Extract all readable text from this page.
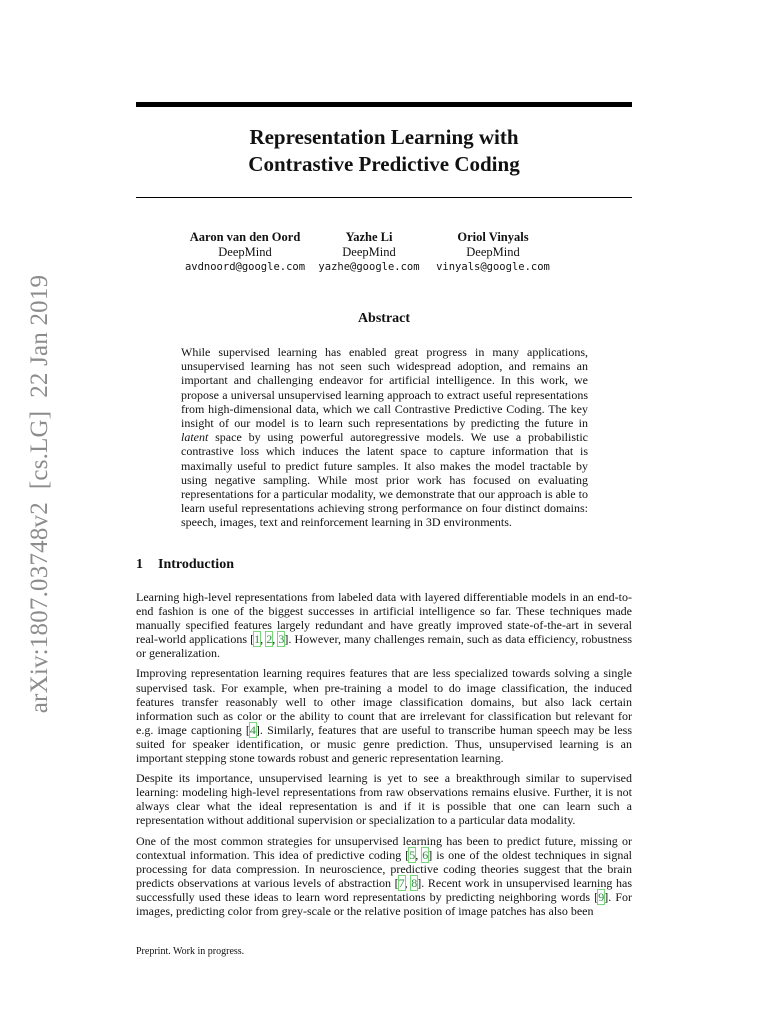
arXiv:1807.03748v2  [cs.LG]  22 Jan 2019
Representation Learning with
Contrastive Predictive Coding
Aaron van den Oord
DeepMind
avdnoord@google.com
Yazhe Li
DeepMind
yazhe@google.com
Oriol Vinyals
DeepMind
vinyals@google.com
Abstract
While supervised learning has enabled great progress in many applications, unsupervised learning has not seen such widespread adoption, and remains an important and challenging endeavor for artificial intelligence. In this work, we propose a universal unsupervised learning approach to extract useful representations from high-dimensional data, which we call Contrastive Predictive Coding. The key insight of our model is to learn such representations by predicting the future in latent space by using powerful autoregressive models. We use a probabilistic contrastive loss which induces the latent space to capture information that is maximally useful to predict future samples. It also makes the model tractable by using negative sampling. While most prior work has focused on evaluating representations for a particular modality, we demonstrate that our approach is able to learn useful representations achieving strong performance on four distinct domains: speech, images, text and reinforcement learning in 3D environments.
1 Introduction

Learning high-level representations from labeled data with layered differentiable models in an end-to-end fashion is one of the biggest successes in artificial intelligence so far. These techniques made manually specified features largely redundant and have greatly improved state-of-the-art in several real-world applications [1, 2, 3]. However, many challenges remain, such as data efficiency, robustness or generalization.

Improving representation learning requires features that are less specialized towards solving a single supervised task. For example, when pre-training a model to do image classification, the induced features transfer reasonably well to other image classification domains, but also lack certain information such as color or the ability to count that are irrelevant for classification but relevant for e.g. image captioning [4]. Similarly, features that are useful to transcribe human speech may be less suited for speaker identification, or music genre prediction. Thus, unsupervised learning is an important stepping stone towards robust and generic representation learning.

Despite its importance, unsupervised learning is yet to see a breakthrough similar to supervised learning: modeling high-level representations from raw observations remains elusive. Further, it is not always clear what the ideal representation is and if it is possible that one can learn such a representation without additional supervision or specialization to a particular data modality.

One of the most common strategies for unsupervised learning has been to predict future, missing or contextual information. This idea of predictive coding [5, 6] is one of the oldest techniques in signal processing for data compression. In neuroscience, predictive coding theories suggest that the brain predicts observations at various levels of abstraction [7, 8]. Recent work in unsupervised learning has successfully used these ideas to learn word representations by predicting neighboring words [9]. For images, predicting color from grey-scale or the relative position of image patches has also been

Preprint. Work in progress.
